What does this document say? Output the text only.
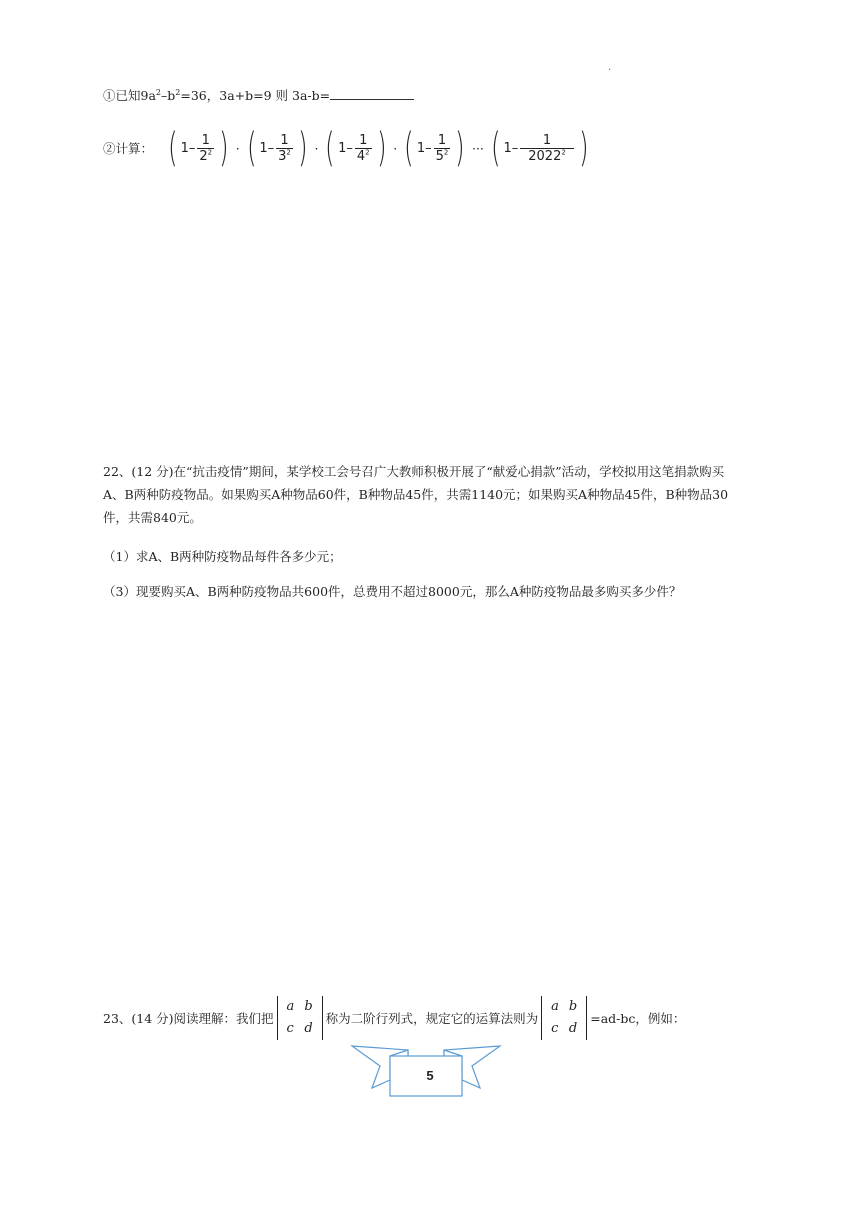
.
①已知$9a^2-b^2=36$，3a+b=9 则 3a-b=
②计算： ( $1- \frac{1}{2^2}$ ) · ( $1- \frac{1}{3^2}$ ) · ( $1- \frac{1}{4^2}$ ) · ( $1- \frac{1}{5^2}$ ) ··· ( $1- \frac{1}{2022^2}$ )
22、(12 分)在“抗击疫情”期间，某学校工会号召广大教师积极开展了“献爱心捐款”活动，学校拟用这笔捐款购买A、B两种防疫物品。如果购买A种物品60件，B种物品45件，共需1140元；如果购买A种物品45件，B种物品30件，共需840元。
（1）求A、B两种防疫物品每件各多少元；
（3）现要购买A、B两种防疫物品共600件，总费用不超过8000元，那么A种防疫物品最多购买多少件？
23、(14 分)阅读理解：我们把
a	b
c	d
称为二阶行列式，规定它的运算法则为
a	b
c	d
=ad-bc，例如：
5
